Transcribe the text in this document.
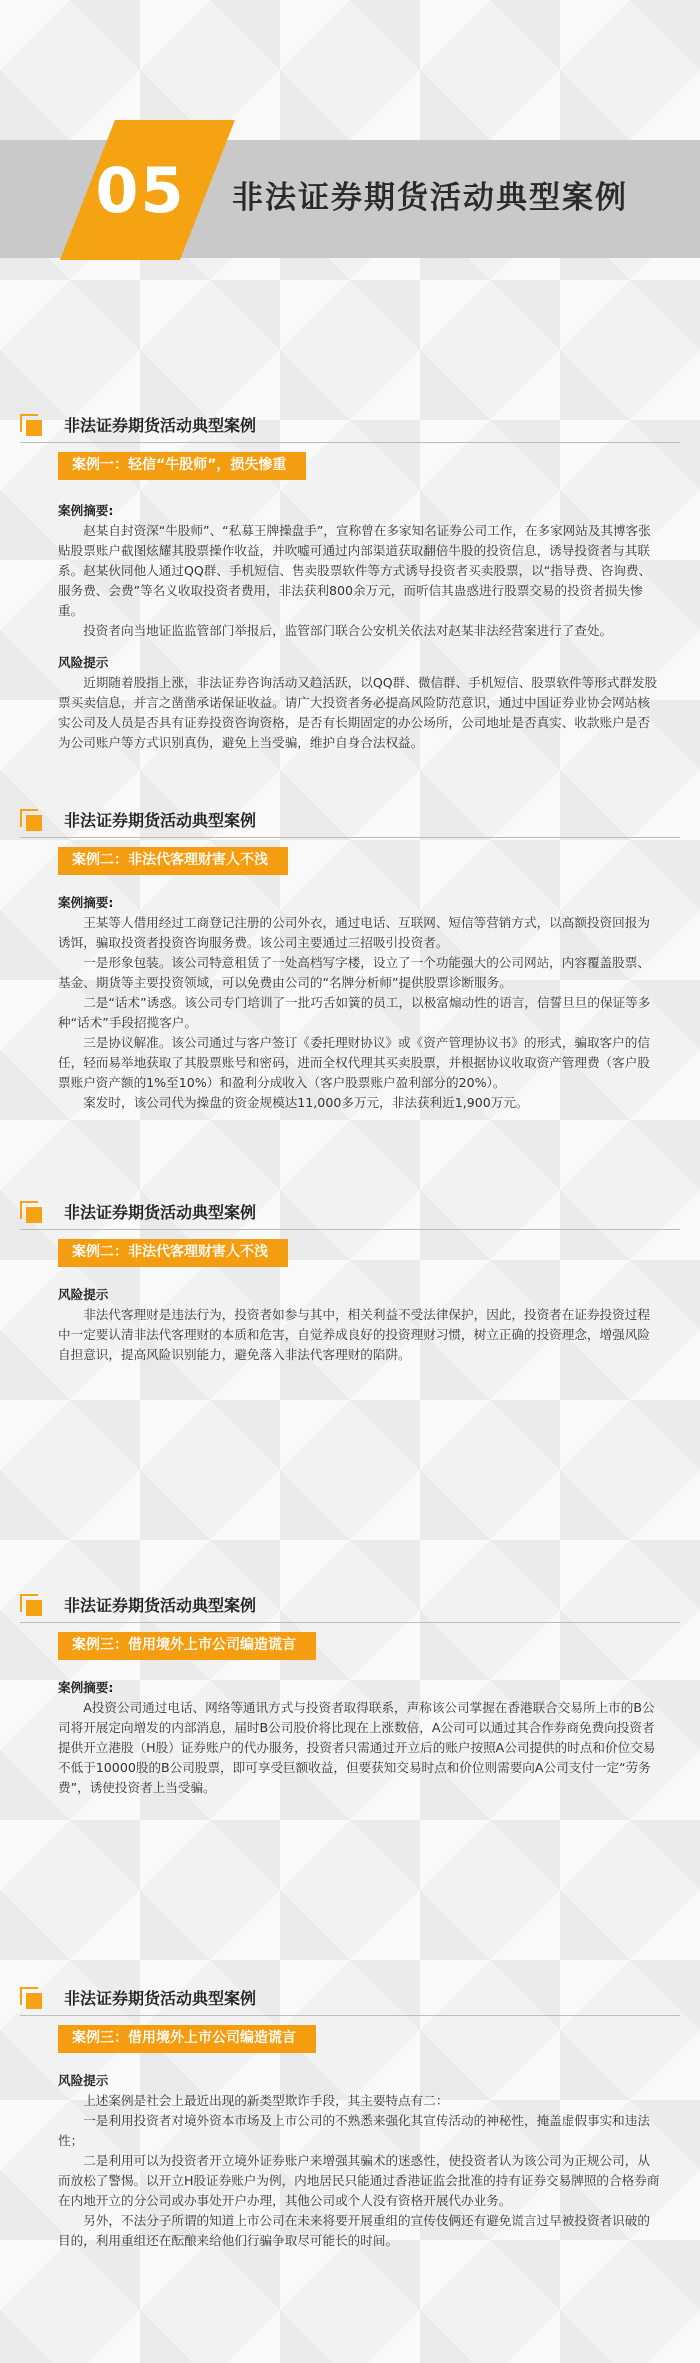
05	非法证券期货活动典型案例
非法证券期货活动典型案例
案例一：轻信“牛股师”，损失惨重

案例摘要:

赵某自封资深“牛股师”、“私募王牌操盘手”，宣称曾在多家知名证券公司工作，在多家网站及其博客张贴股票账户截图炫耀其股票操作收益，并吹嘘可通过内部渠道获取翻倍牛股的投资信息，诱导投资者与其联系。赵某伙同他人通过QQ群、手机短信、售卖股票软件等方式诱导投资者买卖股票，以“指导费、咨询费、服务费、会费”等名义收取投资者费用，非法获利800余万元，而听信其蛊惑进行股票交易的投资者损失惨重。

投资者向当地证监监管部门举报后，监管部门联合公安机关依法对赵某非法经营案进行了查处。

风险提示

近期随着股指上涨，非法证券咨询活动又趋活跃，以QQ群、微信群、手机短信、股票软件等形式群发股票买卖信息，并言之凿凿承诺保证收益。请广大投资者务必提高风险防范意识，通过中国证券业协会网站核实公司及人员是否具有证券投资咨询资格，是否有长期固定的办公场所，公司地址是否真实、收款账户是否为公司账户等方式识别真伪，避免上当受骗，维护自身合法权益。

非法证券期货活动典型案例
案例二：非法代客理财害人不浅

案例摘要:

王某等人借用经过工商登记注册的公司外衣，通过电话、互联网、短信等营销方式，以高额投资回报为诱饵，骗取投资者投资咨询服务费。该公司主要通过三招吸引投资者。

一是形象包装。该公司特意租赁了一处高档写字楼，设立了一个功能强大的公司网站，内容覆盖股票、基金、期货等主要投资领域，可以免费由公司的“名牌分析师”提供股票诊断服务。

二是“话术”诱惑。该公司专门培训了一批巧舌如簧的员工，以极富煽动性的语言，信誓旦旦的保证等多种“话术”手段招揽客户。

三是协议解准。该公司通过与客户签订《委托理财协议》或《资产管理协议书》的形式，骗取客户的信任，轻而易举地获取了其股票账号和密码，进而全权代理其买卖股票，并根据协议收取资产管理费（客户股票账户资产额的1%至10%）和盈利分成收入（客户股票账户盈利部分的20%）。

案发时，该公司代为操盘的资金规模达11,000多万元，非法获利近1,900万元。

非法证券期货活动典型案例
案例二：非法代客理财害人不浅

风险提示

非法代客理财是违法行为，投资者如参与其中，相关利益不受法律保护，因此，投资者在证券投资过程中一定要认清非法代客理财的本质和危害，自觉养成良好的投资理财习惯，树立正确的投资理念，增强风险自担意识，提高风险识别能力，避免落入非法代客理财的陷阱。

非法证券期货活动典型案例
案例三：借用境外上市公司编造谎言

案例摘要:

A投资公司通过电话、网络等通讯方式与投资者取得联系，声称该公司掌握在香港联合交易所上市的B公司将开展定向增发的内部消息，届时B公司股价将比现在上涨数倍，A公司可以通过其合作券商免费向投资者提供开立港股（H股）证券账户的代办服务，投资者只需通过开立后的账户按照A公司提供的时点和价位交易不低于10000股的B公司股票，即可享受巨额收益，但要获知交易时点和价位则需要向A公司支付一定“劳务费”，诱使投资者上当受骗。

非法证券期货活动典型案例
案例三：借用境外上市公司编造谎言

风险提示

上述案例是社会上最近出现的新类型欺诈手段，其主要特点有二：

一是利用投资者对境外资本市场及上市公司的不熟悉来强化其宣传活动的神秘性，掩盖虚假事实和违法性；

二是利用可以为投资者开立境外证券账户来增强其骗术的迷惑性，使投资者认为该公司为正规公司，从而放松了警惕。以开立H股证券账户为例，内地居民只能通过香港证监会批准的持有证券交易牌照的合格券商在内地开立的分公司或办事处开户办理，其他公司或个人没有资格开展代办业务。

另外，不法分子所谓的知道上市公司在未来将要开展重组的宣传伎俩还有避免谎言过早被投资者识破的目的，利用重组还在酝酿来给他们行骗争取尽可能长的时间。
